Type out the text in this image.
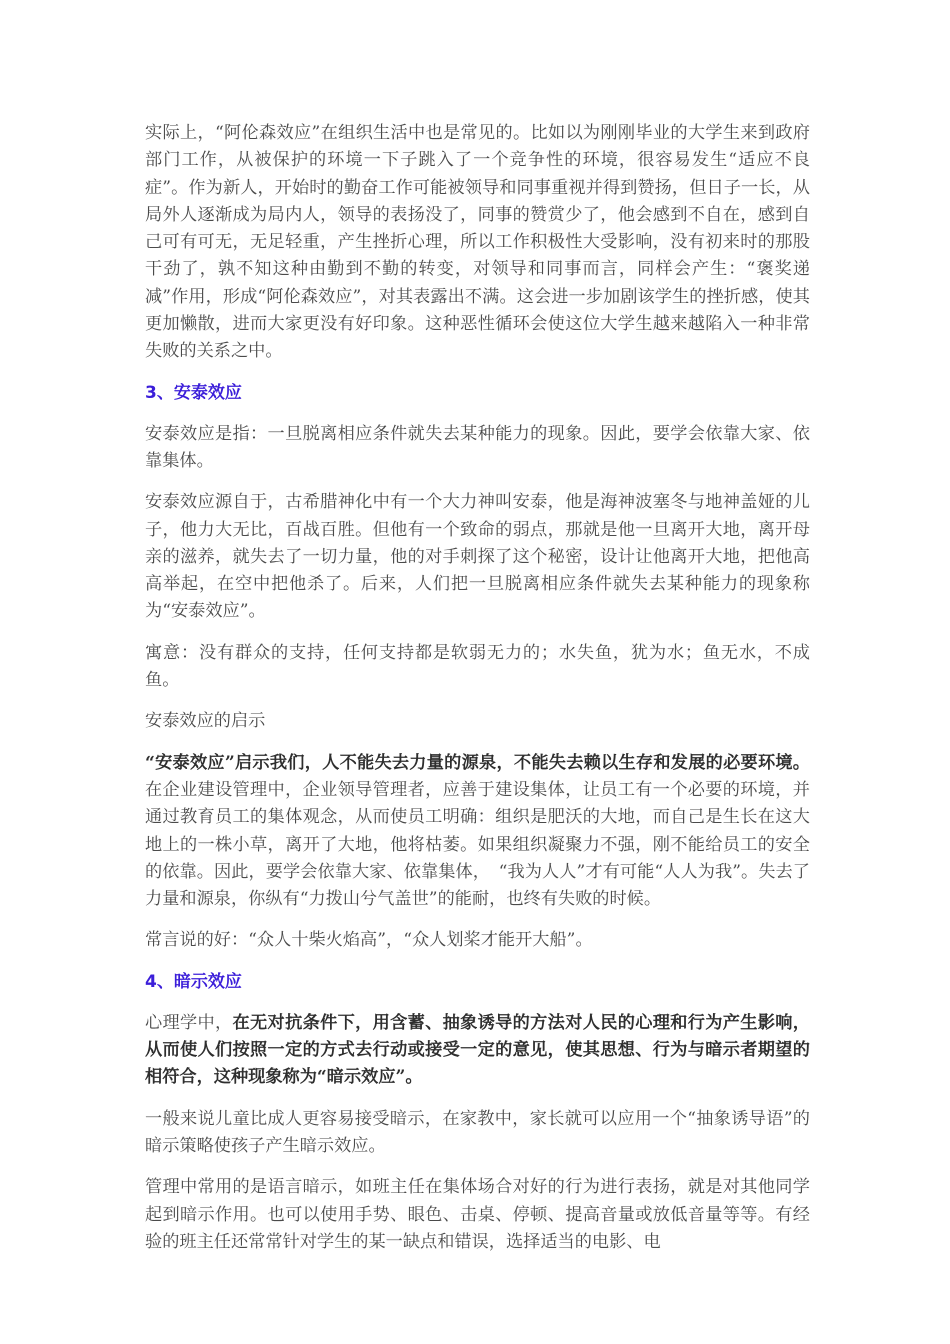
实际上，“阿伦森效应”在组织生活中也是常见的。比如以为刚刚毕业的大学生来到政府部门工作，从被保护的环境一下子跳入了一个竞争性的环境，很容易发生“适应不良症”。作为新人，开始时的勤奋工作可能被领导和同事重视并得到赞扬，但日子一长，从局外人逐渐成为局内人，领导的表扬没了，同事的赞赏少了，他会感到不自在，感到自己可有可无，无足轻重，产生挫折心理，所以工作积极性大受影响，没有初来时的那股干劲了，孰不知这种由勤到不勤的转变，对领导和同事而言，同样会产生：“褒奖递减”作用，形成“阿伦森效应”，对其表露出不满。这会进一步加剧该学生的挫折感，使其更加懒散，进而大家更没有好印象。这种恶性循环会使这位大学生越来越陷入一种非常失败的关系之中。

3、安泰效应

安泰效应是指：一旦脱离相应条件就失去某种能力的现象。因此，要学会依靠大家、依靠集体。

安泰效应源自于，古希腊神化中有一个大力神叫安泰，他是海神波塞冬与地神盖娅的儿子，他力大无比，百战百胜。但他有一个致命的弱点，那就是他一旦离开大地，离开母亲的滋养，就失去了一切力量，他的对手刺探了这个秘密，设计让他离开大地，把他高高举起，在空中把他杀了。后来，人们把一旦脱离相应条件就失去某种能力的现象称为“安泰效应”。

寓意：没有群众的支持，任何支持都是软弱无力的；水失鱼，犹为水；鱼无水，不成鱼。

安泰效应的启示

“安泰效应”启示我们，人不能失去力量的源泉，不能失去赖以生存和发展的必要环境。在企业建设管理中，企业领导管理者，应善于建设集体，让员工有一个必要的环境，并通过教育员工的集体观念，从而使员工明确：组织是肥沃的大地，而自己是生长在这大地上的一株小草，离开了大地，他将枯萎。如果组织凝聚力不强，刚不能给员工的安全的依靠。因此，要学会依靠大家、依靠集体，　“我为人人”才有可能“人人为我”。失去了力量和源泉，你纵有“力拨山兮气盖世”的能耐，也终有失败的时候。

常言说的好：“众人十柴火焰高”，“众人划桨才能开大船”。

4、暗示效应

心理学中，在无对抗条件下，用含蓄、抽象诱导的方法对人民的心理和行为产生影响，从而使人们按照一定的方式去行动或接受一定的意见，使其思想、行为与暗示者期望的相符合，这种现象称为“暗示效应”。

一般来说儿童比成人更容易接受暗示，在家教中，家长就可以应用一个“抽象诱导语”的暗示策略使孩子产生暗示效应。

管理中常用的是语言暗示，如班主任在集体场合对好的行为进行表扬，就是对其他同学起到暗示作用。也可以使用手势、眼色、击桌、停顿、提高音量或放低音量等等。有经验的班主任还常常针对学生的某一缺点和错误，选择适当的电影、电
